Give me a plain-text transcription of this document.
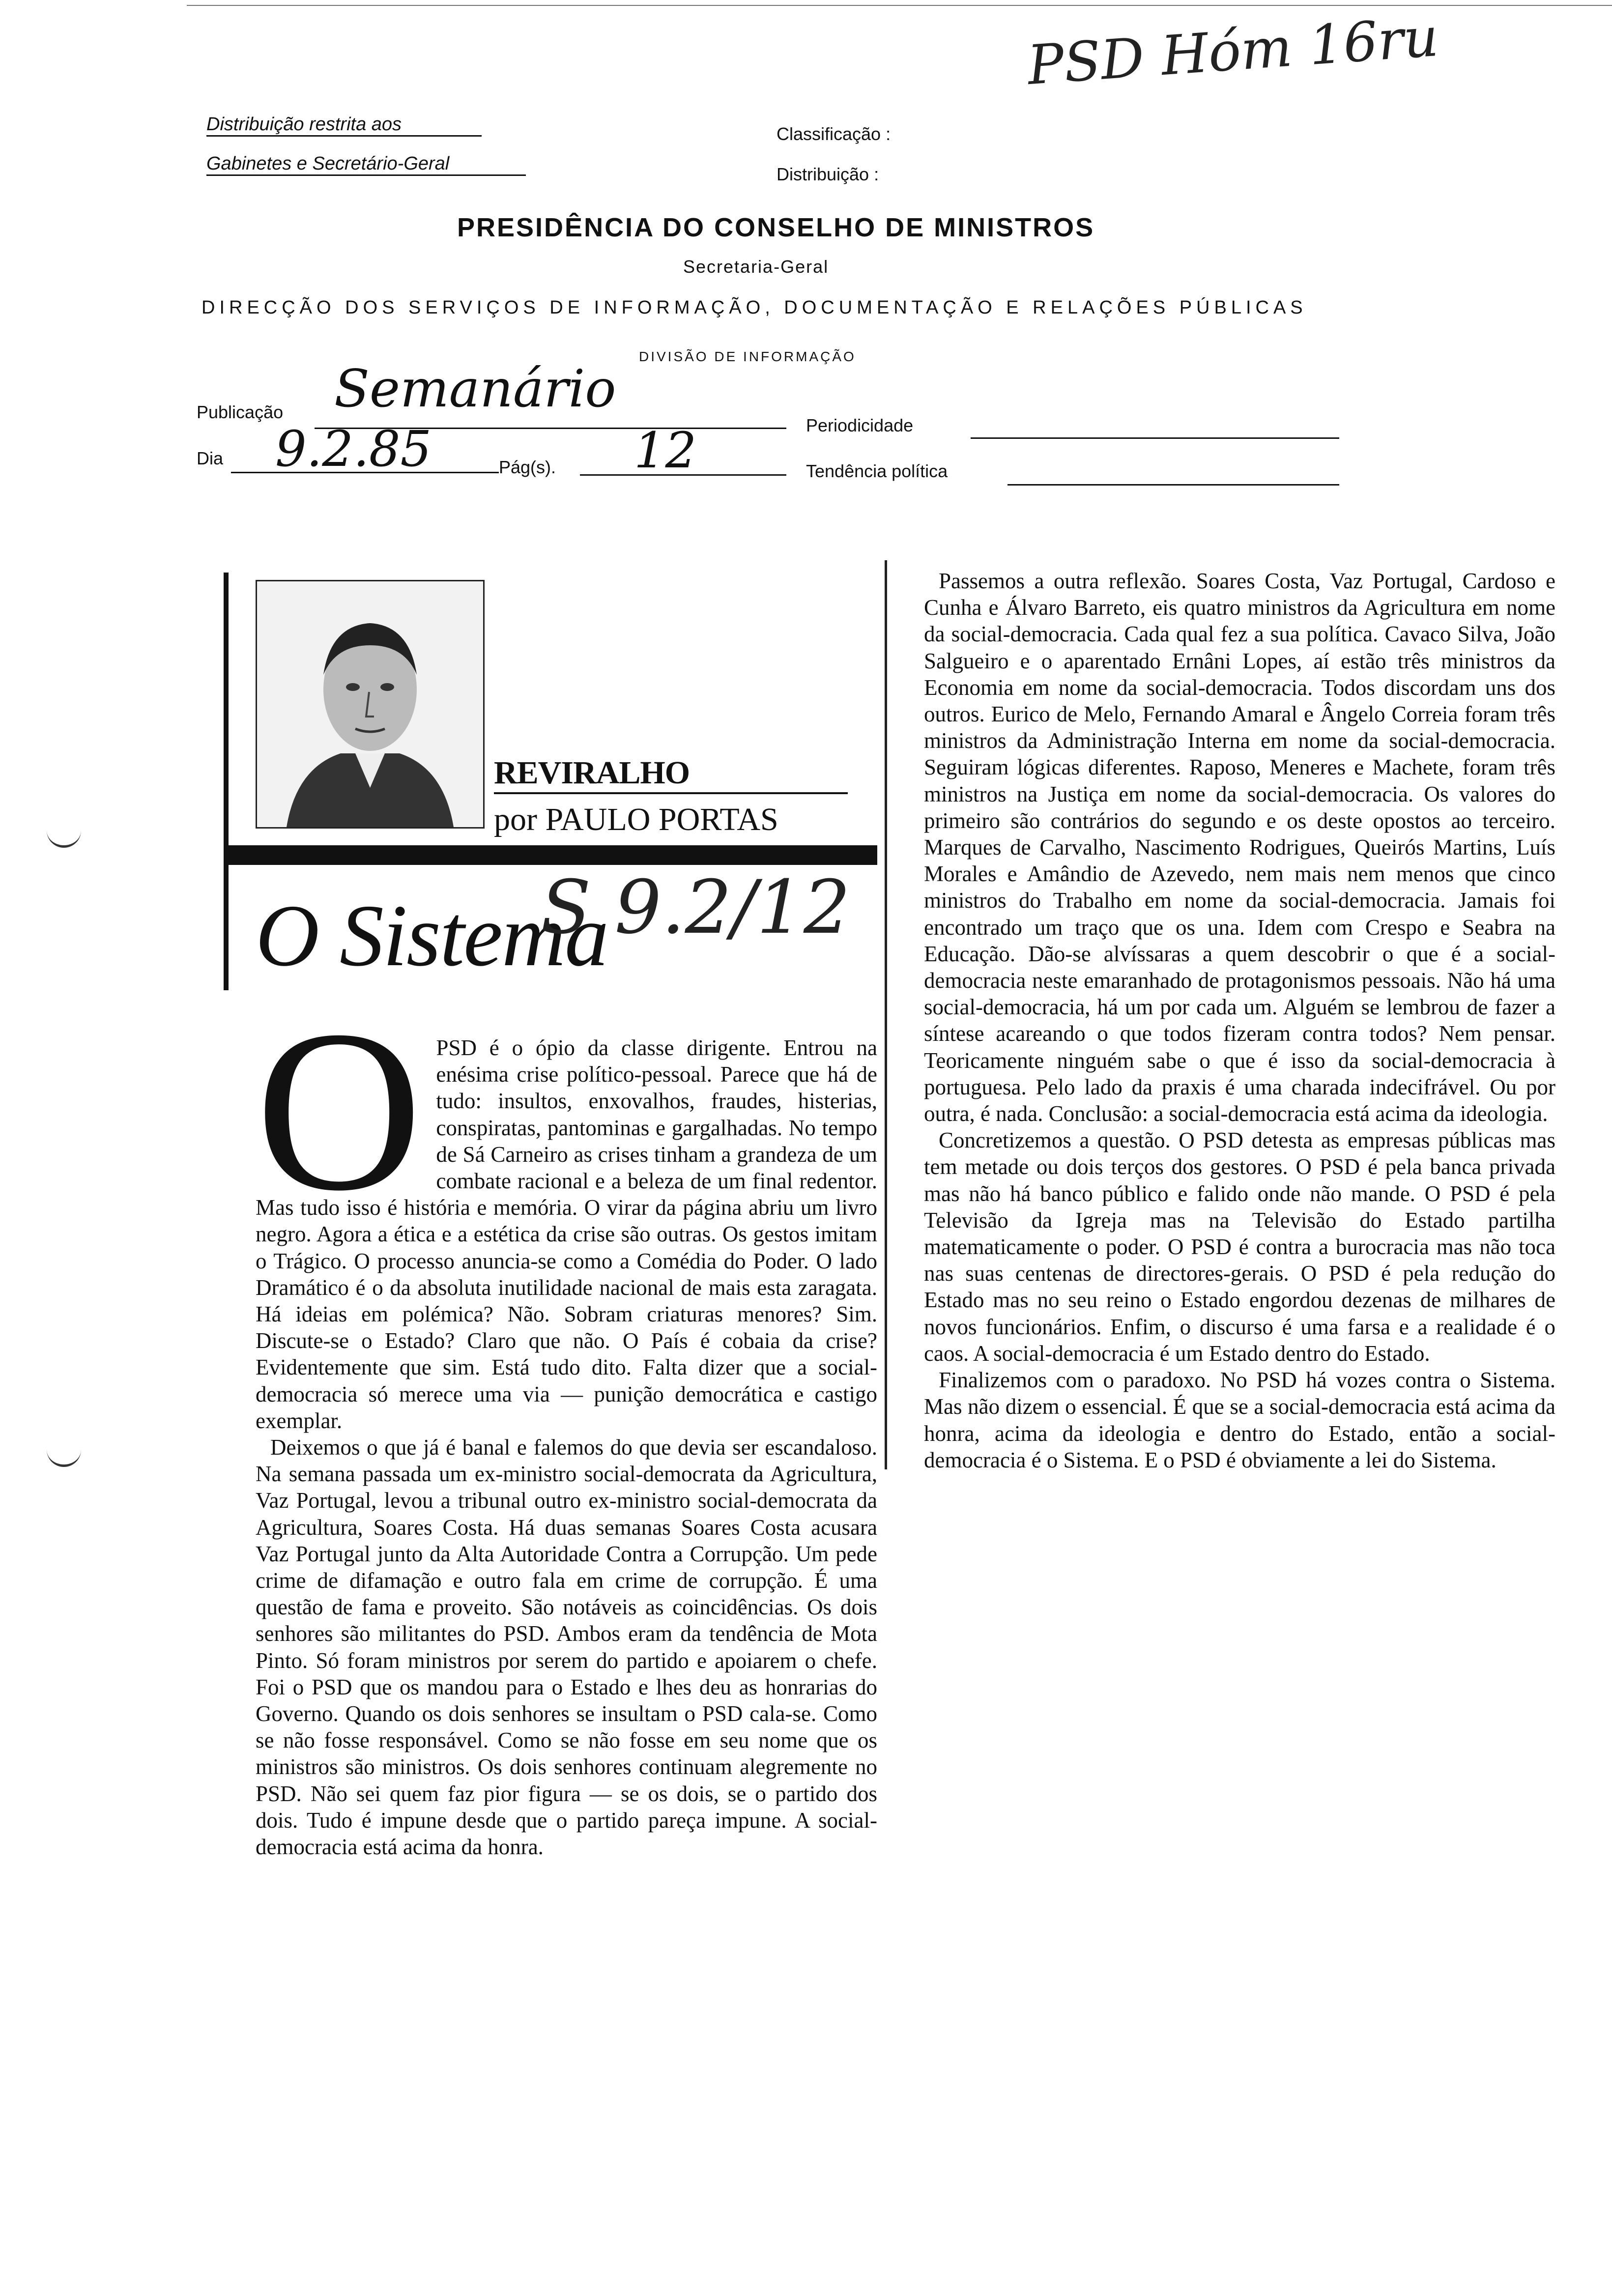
PSD Hóm 16ru
Distribuição restrita aos
Gabinetes e Secretário-Geral
Classificação :
Distribuição :
PRESIDÊNCIA DO CONSELHO DE MINISTROS
Secretaria-Geral
DIRECÇÃO DOS SERVIÇOS DE INFORMAÇÃO, DOCUMENTAÇÃO E RELAÇÕES PÚBLICAS
DIVISÃO DE INFORMAÇÃO
Publicação Semanário
Periodicidade
Dia 9.2.85	Pág(s). 12	Tendência política
REVIRALHO
por PAULO PORTAS
O Sistema
S 9.2/12
O PSD é o ópio da classe dirigente. Entrou na enésima crise político-pessoal. Parece que há de tudo: insultos, enxovalhos, fraudes, histerias, conspiratas, pantominas e gargalhadas. No tempo de Sá Carneiro as crises tinham a grandeza de um combate racional e a beleza de um final redentor. Mas tudo isso é história e memória. O virar da página abriu um livro negro. Agora a ética e a estética da crise são outras. Os gestos imitam o Trágico. O processo anuncia-se como a Comédia do Poder. O lado Dramático é o da absoluta inutilidade nacional de mais esta zaragata. Há ideias em polémica? Não. Sobram criaturas menores? Sim. Discute-se o Estado? Claro que não. O País é cobaia da crise? Evidentemente que sim. Está tudo dito. Falta dizer que a social-democracia só merece uma via — punição democrática e castigo exemplar.

Deixemos o que já é banal e falemos do que devia ser escandaloso. Na semana passada um ex-ministro social-democrata da Agricultura, Vaz Portugal, levou a tribunal outro ex-ministro social-democrata da Agricultura, Soares Costa. Há duas semanas Soares Costa acusara Vaz Portugal junto da Alta Autoridade Contra a Corrupção. Um pede crime de difamação e outro fala em crime de corrupção. É uma questão de fama e proveito. São notáveis as coincidências. Os dois senhores são militantes do PSD. Ambos eram da tendência de Mota Pinto. Só foram ministros por serem do partido e apoiarem o chefe. Foi o PSD que os mandou para o Estado e lhes deu as honrarias do Governo. Quando os dois senhores se insultam o PSD cala-se. Como se não fosse responsável. Como se não fosse em seu nome que os ministros são ministros. Os dois senhores continuam alegremente no PSD. Não sei quem faz pior figura — se os dois, se o partido dos dois. Tudo é impune desde que o partido pareça impune. A social-democracia está acima da honra.

Passemos a outra reflexão. Soares Costa, Vaz Portugal, Cardoso e Cunha e Álvaro Barreto, eis quatro ministros da Agricultura em nome da social-democracia. Cada qual fez a sua política. Cavaco Silva, João Salgueiro e o aparentado Ernâni Lopes, aí estão três ministros da Economia em nome da social-democracia. Todos discordam uns dos outros. Eurico de Melo, Fernando Amaral e Ângelo Correia foram três ministros da Administração Interna em nome da social-democracia. Seguiram lógicas diferentes. Raposo, Meneres e Machete, foram três ministros na Justiça em nome da social-democracia. Os valores do primeiro são contrários do segundo e os deste opostos ao terceiro. Marques de Carvalho, Nascimento Rodrigues, Queirós Martins, Luís Morales e Amândio de Azevedo, nem mais nem menos que cinco ministros do Trabalho em nome da social-democracia. Jamais foi encontrado um traço que os una. Idem com Crespo e Seabra na Educação. Dão-se alvíssaras a quem descobrir o que é a social-democracia neste emaranhado de protagonismos pessoais. Não há uma social-democracia, há um por cada um. Alguém se lembrou de fazer a síntese acareando o que todos fizeram contra todos? Nem pensar. Teoricamente ninguém sabe o que é isso da social-democracia à portuguesa. Pelo lado da praxis é uma charada indecifrável. Ou por outra, é nada. Conclusão: a social-democracia está acima da ideologia.

Concretizemos a questão. O PSD detesta as empresas públicas mas tem metade ou dois terços dos gestores. O PSD é pela banca privada mas não há banco público e falido onde não mande. O PSD é pela Televisão da Igreja mas na Televisão do Estado partilha matematicamente o poder. O PSD é contra a burocracia mas não toca nas suas centenas de directores-gerais. O PSD é pela redução do Estado mas no seu reino o Estado engordou dezenas de milhares de novos funcionários. Enfim, o discurso é uma farsa e a realidade é o caos. A social-democracia é um Estado dentro do Estado.

Finalizemos com o paradoxo. No PSD há vozes contra o Sistema. Mas não dizem o essencial. É que se a social-democracia está acima da honra, acima da ideologia e dentro do Estado, então a social-democracia é o Sistema. E o PSD é obviamente a lei do Sistema.
